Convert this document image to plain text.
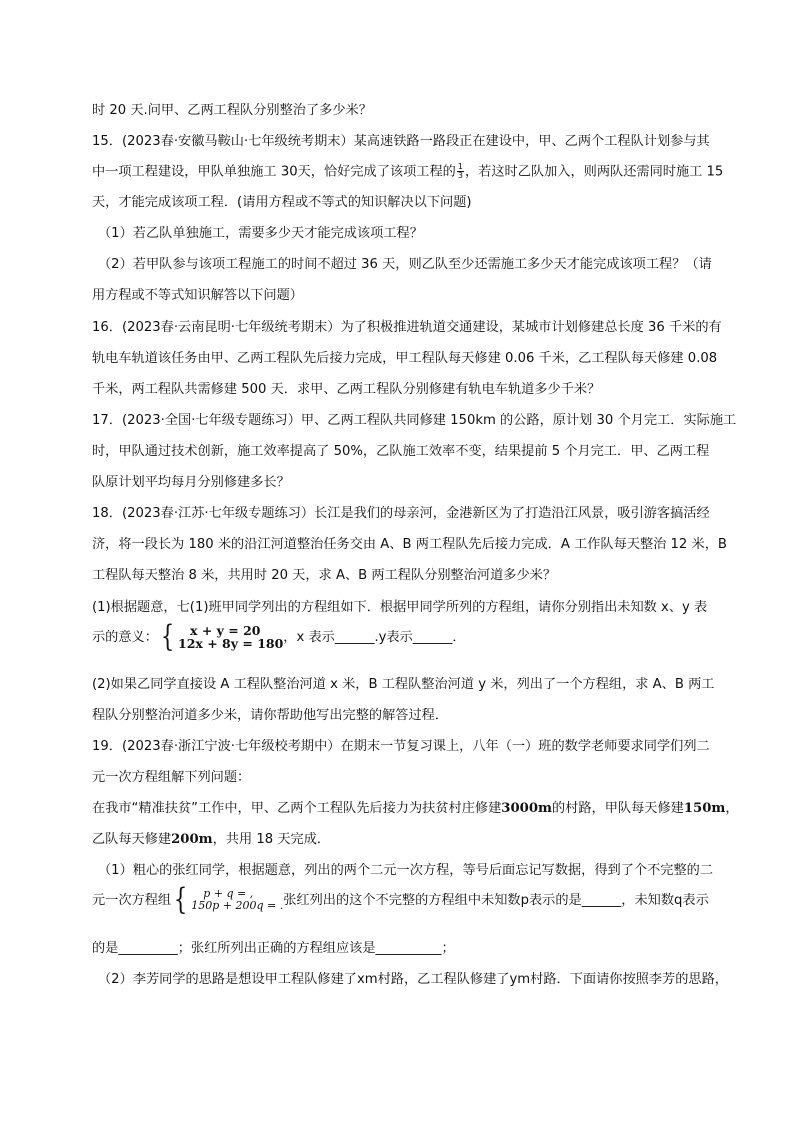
时 20 天.问甲、乙两工程队分别整治了多少米？
15．(2023春·安徽马鞍山·七年级统考期末）某高速铁路一路段正在建设中，甲、乙两个工程队计划参与其
中一项工程建设，甲队单独施工 30天，恰好完成了该项工程的 $\frac{1}{3}$ ，若这时乙队加入，则两队还需同时施工 15
天，才能完成该项工程．(请用方程或不等式的知识解决以下问题)
（1）若乙队单独施工，需要多少天才能完成该项工程？
（2）若甲队参与该项工程施工的时间不超过 36 天，则乙队至少还需施工多少天才能完成该项工程？（请
用方程或不等式知识解答以下问题）
16．(2023春·云南昆明·七年级统考期末）为了积极推进轨道交通建设，某城市计划修建总长度 36 千米的有
轨电车轨道该任务由甲、乙两工程队先后接力完成，甲工程队每天修建 0.06 千米，乙工程队每天修建 0.08
千米，两工程队共需修建 500 天．求甲、乙两工程队分别修建有轨电车轨道多少千米？
17．(2023·全国·七年级专题练习）甲、乙两工程队共同修建 150km 的公路，原计划 30 个月完工．实际施工
时，甲队通过技术创新，施工效率提高了 50%，乙队施工效率不变，结果提前 5 个月完工．甲、乙两工程
队原计划平均每月分别修建多长？
18．(2023春·江苏·七年级专题练习）长江是我们的母亲河，金港新区为了打造沿江风景，吸引游客搞活经
济，将一段长为 180 米的沿江河道整治任务交由 A、B 两工程队先后接力完成．A 工作队每天整治 12 米，B
工程队每天整治 8 米，共用时 20 天，求 A、B 两工程队分别整治河道多少米？
(1)根据题意，七(1)班甲同学列出的方程组如下．根据甲同学所列的方程组，请你分别指出未知数 x、y 表
示的意义：{	x + y = 20
12x + 8y = 180 ，x 表示______.y表示______．
(2)如果乙同学直接设 A 工程队整治河道 x 米，B 工程队整治河道 y 米，列出了一个方程组，求 A、B 两工
程队分别整治河道多少米，请你帮助他写出完整的解答过程．
19．(2023春·浙江宁波·七年级校考期中）在期末一节复习课上，八年（一）班的数学老师要求同学们列二
元一次方程组解下列问题：
在我市“精准扶贫”工作中，甲、乙两个工程队先后接力为扶贫村庄修建3000m的村路，甲队每天修建150m，
乙队每天修建200m，共用 18 天完成．
（1）粗心的张红同学，根据题意，列出的两个二元一次方程，等号后面忘记写数据，得到了个不完整的二
元一次方程组{	p + q = ,
150p + 200q = . 张红列出的这个不完整的方程组中未知数p表示的是______，未知数q表示
的是_________；张红所列出正确的方程组应该是__________；
（2）李芳同学的思路是想设甲工程队修建了xm村路，乙工程队修建了ym村路．下面请你按照李芳的思路，
